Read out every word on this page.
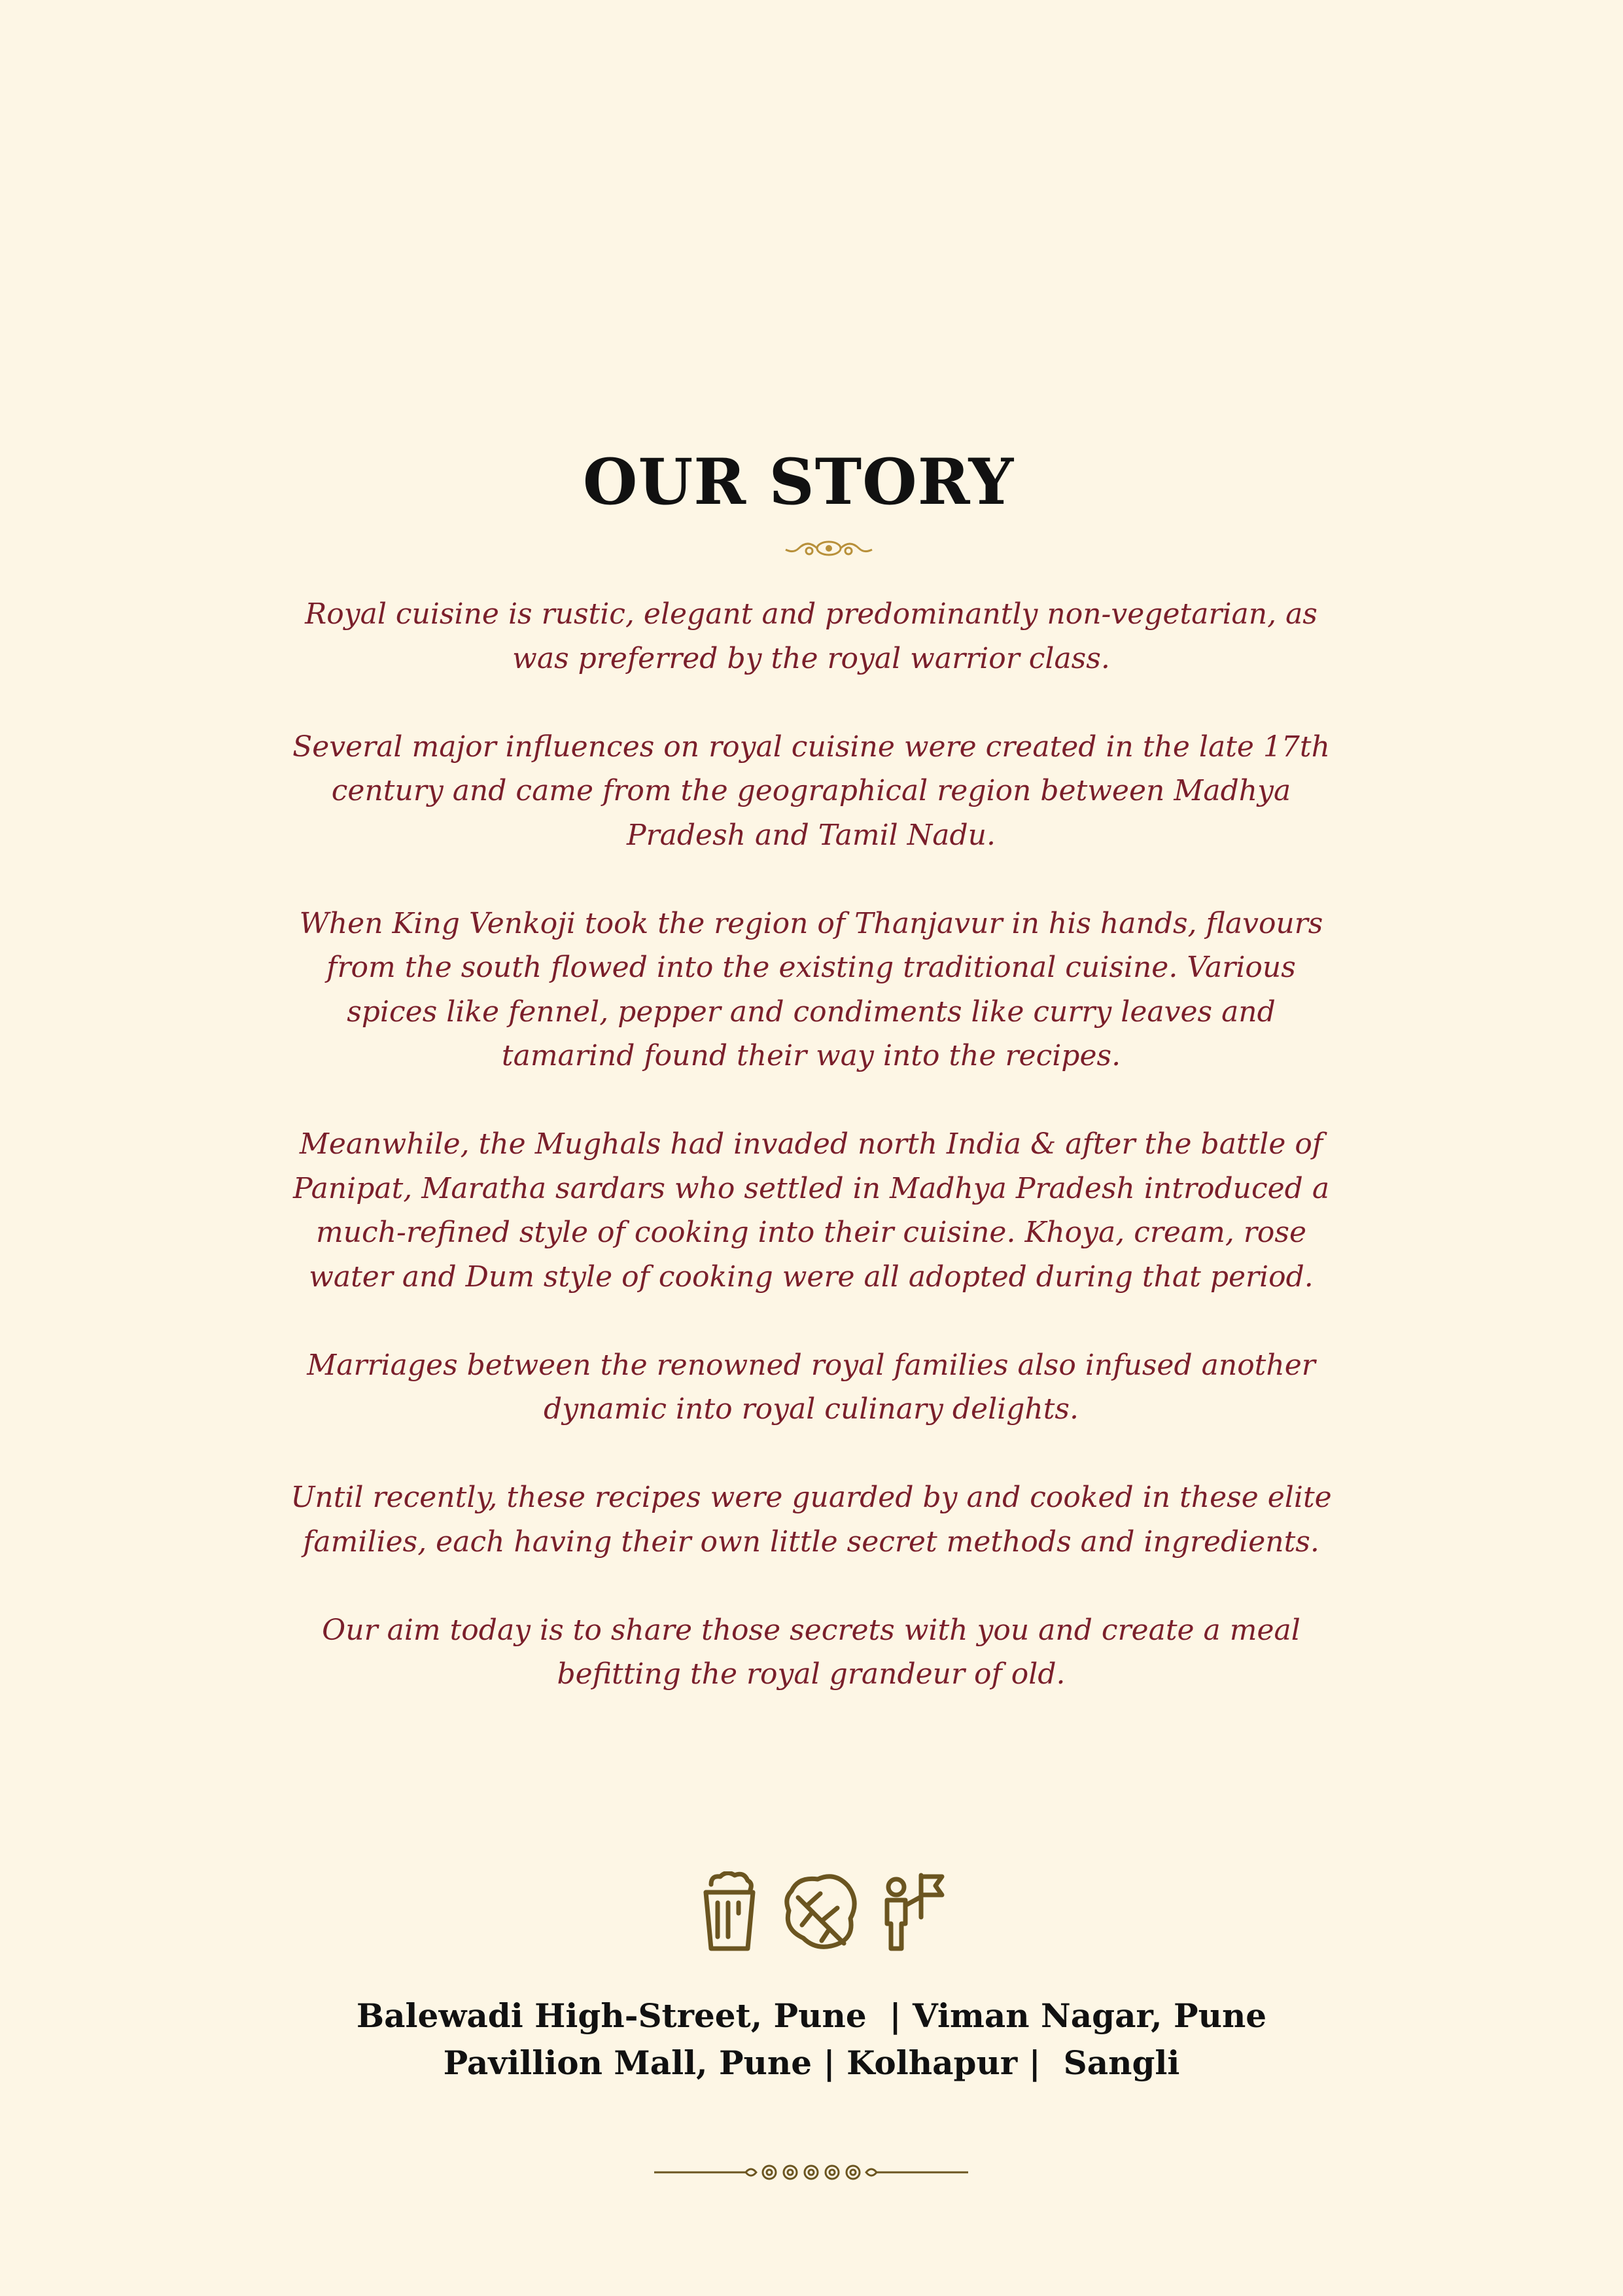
OUR STORY

Royal cuisine is rustic, elegant and predominantly non-vegetarian, as was preferred by the royal warrior class.

Several major influences on royal cuisine were created in the late 17th century and came from the geographical region between Madhya Pradesh and Tamil Nadu.

When King Venkoji took the region of Thanjavur in his hands, flavours from the south flowed into the existing traditional cuisine. Various spices like fennel, pepper and condiments like curry leaves and tamarind found their way into the recipes.

Meanwhile, the Mughals had invaded north India & after the battle of Panipat, Maratha sardars who settled in Madhya Pradesh introduced a much-refined style of cooking into their cuisine. Khoya, cream, rose water and Dum style of cooking were all adopted during that period.

Marriages between the renowned royal families also infused another dynamic into royal culinary delights.

Until recently, these recipes were guarded by and cooked in these elite families, each having their own little secret methods and ingredients.

Our aim today is to share those secrets with you and create a meal befitting the royal grandeur of old.

Balewadi High-Street, Pune  | Viman Nagar, Pune
Pavillion Mall, Pune | Kolhapur |  Sangli
